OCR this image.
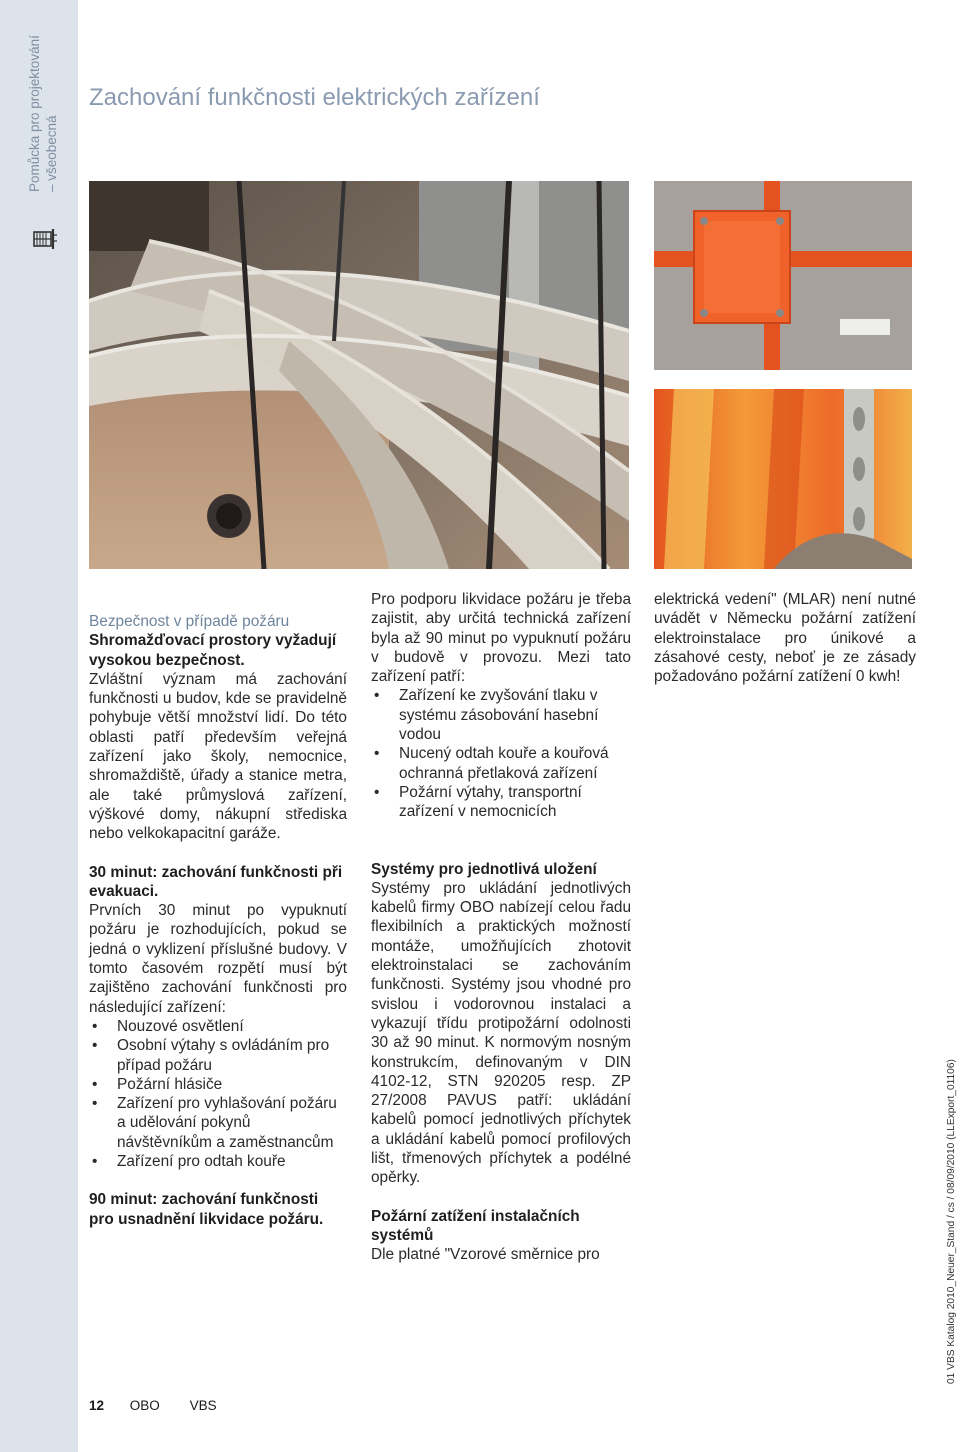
Pomůcka pro projektování – všeobecná
Zachování funkčnosti elektrických zařízení

Bezpečnost v případě požáru

Shromažďovací prostory vyžadují vysokou bezpečnost.

Zvláštní význam má zachování funkčnosti u budov, kde se pravidelně pohybuje větší množství lidí. Do této oblasti patří především veřejná zařízení jako školy, nemocnice, shromaždiště, úřady a stanice metra, ale také průmyslová zařízení, výškové domy, nákupní střediska nebo velkokapacitní garáže.

30 minut: zachování funkčnosti při evakuaci.

Prvních 30 minut po vypuknutí požáru je rozhodujících, pokud se jedná o vyklizení příslušné budovy. V tomto časovém rozpětí musí být zajištěno zachování funkčnosti pro následující zařízení:

• Nouzové osvětlení
• Osobní výtahy s ovládáním pro případ požáru
• Požární hlásiče
• Zařízení pro vyhlašování požáru a udělování pokynů návštěvníkům a zaměstnancům
• Zařízení pro odtah kouře

90 minut: zachování funkčnosti pro usnadnění likvidace požáru.

Pro podporu likvidace požáru je třeba zajistit, aby určitá technická zařízení byla až 90 minut po vypuknutí požáru v budově v provozu. Mezi tato zařízení patří:

• Zařízení ke zvyšování tlaku v systému zásobování hasební vodou
• Nucený odtah kouře a kouřová ochranná přetlaková zařízení
• Požární výtahy, transportní zařízení v nemocnicích

Systémy pro jednotlivá uložení

Systémy pro ukládání jednotlivých kabelů firmy OBO nabízejí celou řadu flexibilních a praktických možností montáže, umožňujících zhotovit elektroinstalaci se zachováním funkčnosti. Systémy jsou vhodné pro svislou i vodorovnou instalaci a vykazují třídu protipožární odolnosti 30 až 90 minut. K normovým nosným konstrukcím, definovaným v DIN 4102-12, STN 920205 resp. ZP 27/2008 PAVUS patří: ukládání kabelů pomocí jednotlivých příchytek a ukládání kabelů pomocí profilových lišt, třmenových příchytek a podélné opěrky.

Požární zatížení instalačních systémů

Dle platné "Vzorové směrnice pro

elektrická vedení" (MLAR) není nutné uvádět v Německu požární zatížení elektroinstalace pro únikové a zásahové cesty, neboť je ze zásady požadováno požární zatížení 0 kwh!

12 OBO VBS
01 VBS Katalog 2010_Neuer_Stand / cs / 08/09/2010 (LLExport_01106)
